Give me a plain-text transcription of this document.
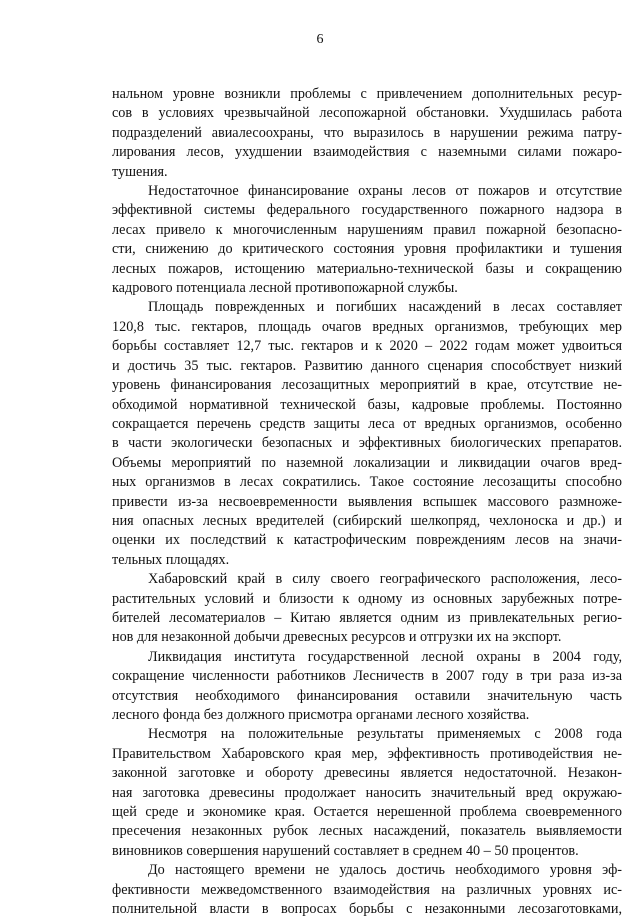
6

нальном уровне возникли проблемы с привлечением дополнительных ресур-
сов в условиях чрезвычайной лесопожарной обстановки. Ухудшилась работа
подразделений авиалесоохраны, что выразилось в нарушении режима патру-
лирования лесов, ухудшении взаимодействия с наземными силами пожаро-
тушения.

Недостаточное финансирование охраны лесов от пожаров и отсутствие
эффективной системы федерального государственного пожарного надзора в
лесах привело к многочисленным нарушениям правил пожарной безопасно-
сти, снижению до критического состояния уровня профилактики и тушения
лесных пожаров, истощению материально-технической базы и сокращению
кадрового потенциала лесной противопожарной службы.

Площадь поврежденных и погибших насаждений в лесах составляет
120,8 тыс. гектаров, площадь очагов вредных организмов, требующих мер
борьбы составляет 12,7 тыс. гектаров и к 2020 – 2022 годам может удвоиться
и достичь 35 тыс. гектаров. Развитию данного сценария способствует низкий
уровень финансирования лесозащитных мероприятий в крае, отсутствие не-
обходимой нормативной технической базы, кадровые проблемы. Постоянно
сокращается перечень средств защиты леса от вредных организмов, особенно
в части экологически безопасных и эффективных биологических препаратов.
Объемы мероприятий по наземной локализации и ликвидации очагов вред-
ных организмов в лесах сократились. Такое состояние лесозащиты способно
привести из-за несвоевременности выявления вспышек массового размноже-
ния опасных лесных вредителей (сибирский шелкопряд, чехлоноска и др.) и
оценки их последствий к катастрофическим повреждениям лесов на значи-
тельных площадях.

Хабаровский край в силу своего географического расположения, лесо-
растительных условий и близости к одному из основных зарубежных потре-
бителей лесоматериалов – Китаю является одним из привлекательных регио-
нов для незаконной добычи древесных ресурсов и отгрузки их на экспорт.

Ликвидация института государственной лесной охраны в 2004 году,
сокращение численности работников Лесничеств в 2007 году в три раза из-за
отсутствия необходимого финансирования оставили значительную часть
лесного фонда без должного присмотра органами лесного хозяйства.

Несмотря на положительные результаты применяемых с 2008 года
Правительством Хабаровского края мер, эффективность противодействия не-
законной заготовке и обороту древесины является недостаточной. Незакон-
ная заготовка древесины продолжает наносить значительный вред окружаю-
щей среде и экономике края. Остается нерешенной проблема своевременного
пресечения незаконных рубок лесных насаждений, показатель выявляемости
виновников совершения нарушений составляет в среднем 40 – 50 процентов.

До настоящего времени не удалось достичь необходимого уровня эф-
фективности межведомственного взаимодействия на различных уровнях ис-
полнительной власти в вопросах борьбы с незаконными лесозаготовками,
